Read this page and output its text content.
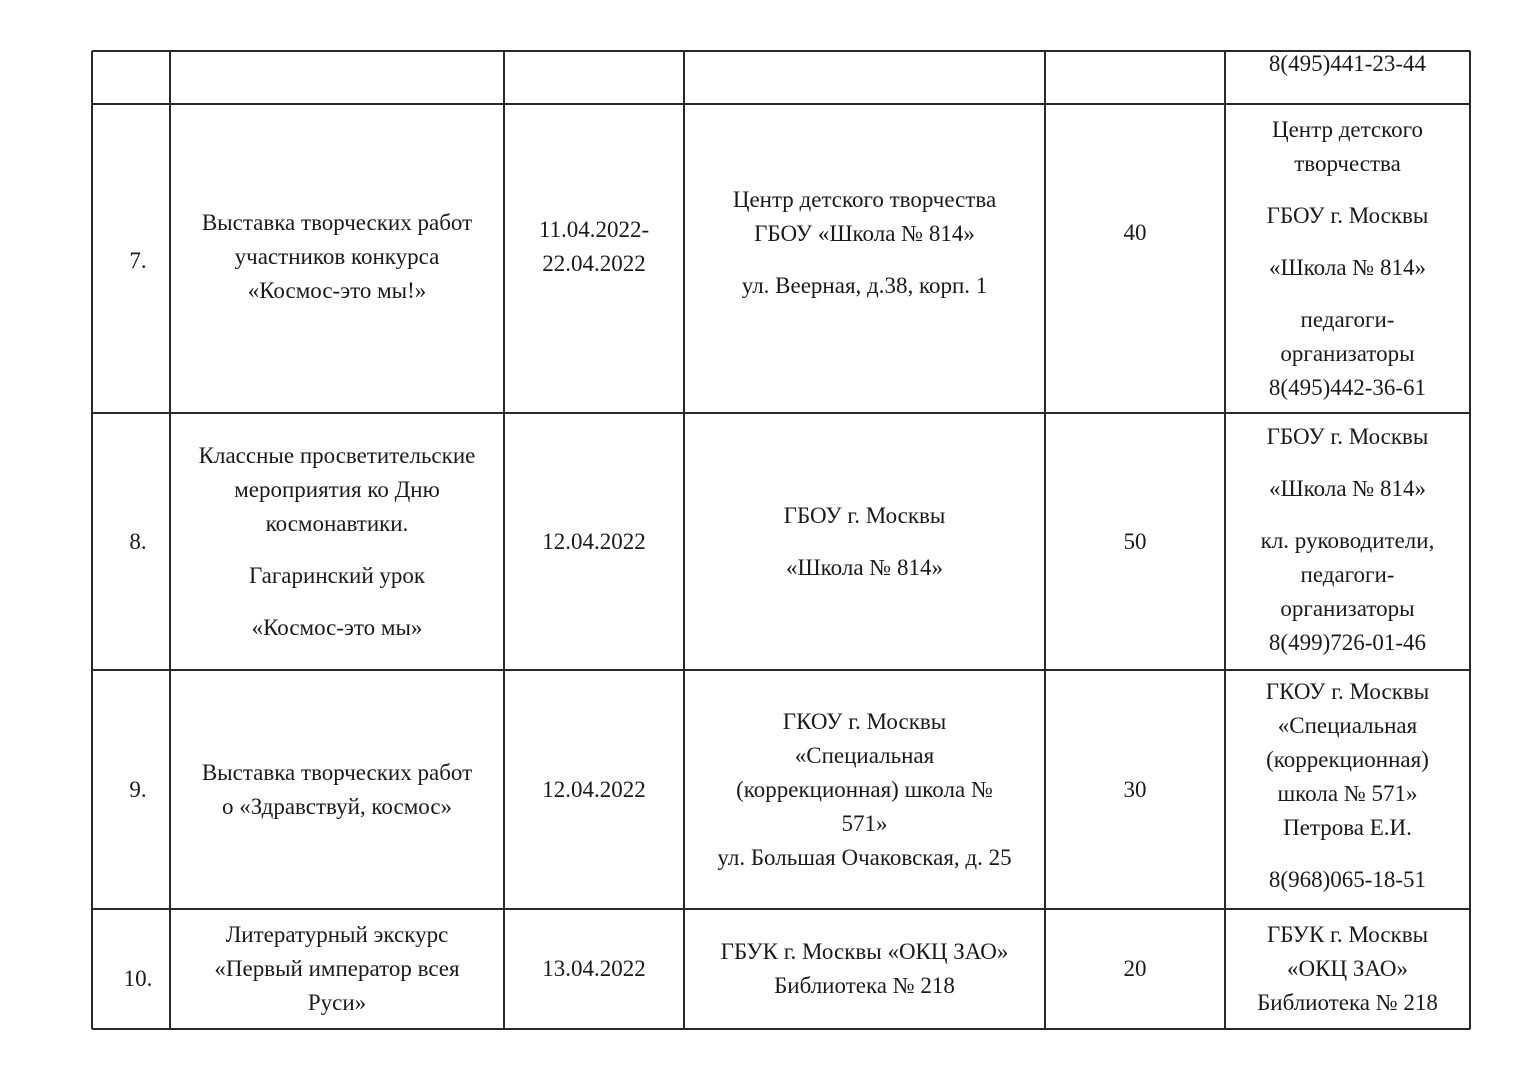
8(495)441-23-44

7.

Выставка творческих работ
участников конкурса
«Космос-это мы!»

11.04.2022-
22.04.2022

Центр детского творчества
ГБОУ «Школа № 814»

ул. Веерная, д.38, корп. 1

40

Центр детского
творчества

ГБОУ г. Москвы

«Школа № 814»

педагоги-
организаторы
8(495)442-36-61

8.

Классные просветительские
мероприятия ко Дню
космонавтики.

Гагаринский урок

«Космос-это мы»

12.04.2022

ГБОУ г. Москвы

«Школа № 814»

50

ГБОУ г. Москвы

«Школа № 814»

кл. руководители,
педагоги-
организаторы
8(499)726-01-46

9.

Выставка творческих работ
о «Здравствуй, космос»

12.04.2022

ГКОУ г. Москвы
«Специальная
(коррекционная) школа №
571»
ул. Большая Очаковская, д. 25

30

ГКОУ г. Москвы
«Специальная
(коррекционная)
школа № 571»
Петрова Е.И.

8(968)065-18-51

10.

Литературный экскурс
«Первый император всея
Руси»

13.04.2022

ГБУК г. Москвы «ОКЦ ЗАО»
Библиотека № 218

20

ГБУК г. Москвы
«ОКЦ ЗАО»
Библиотека № 218
